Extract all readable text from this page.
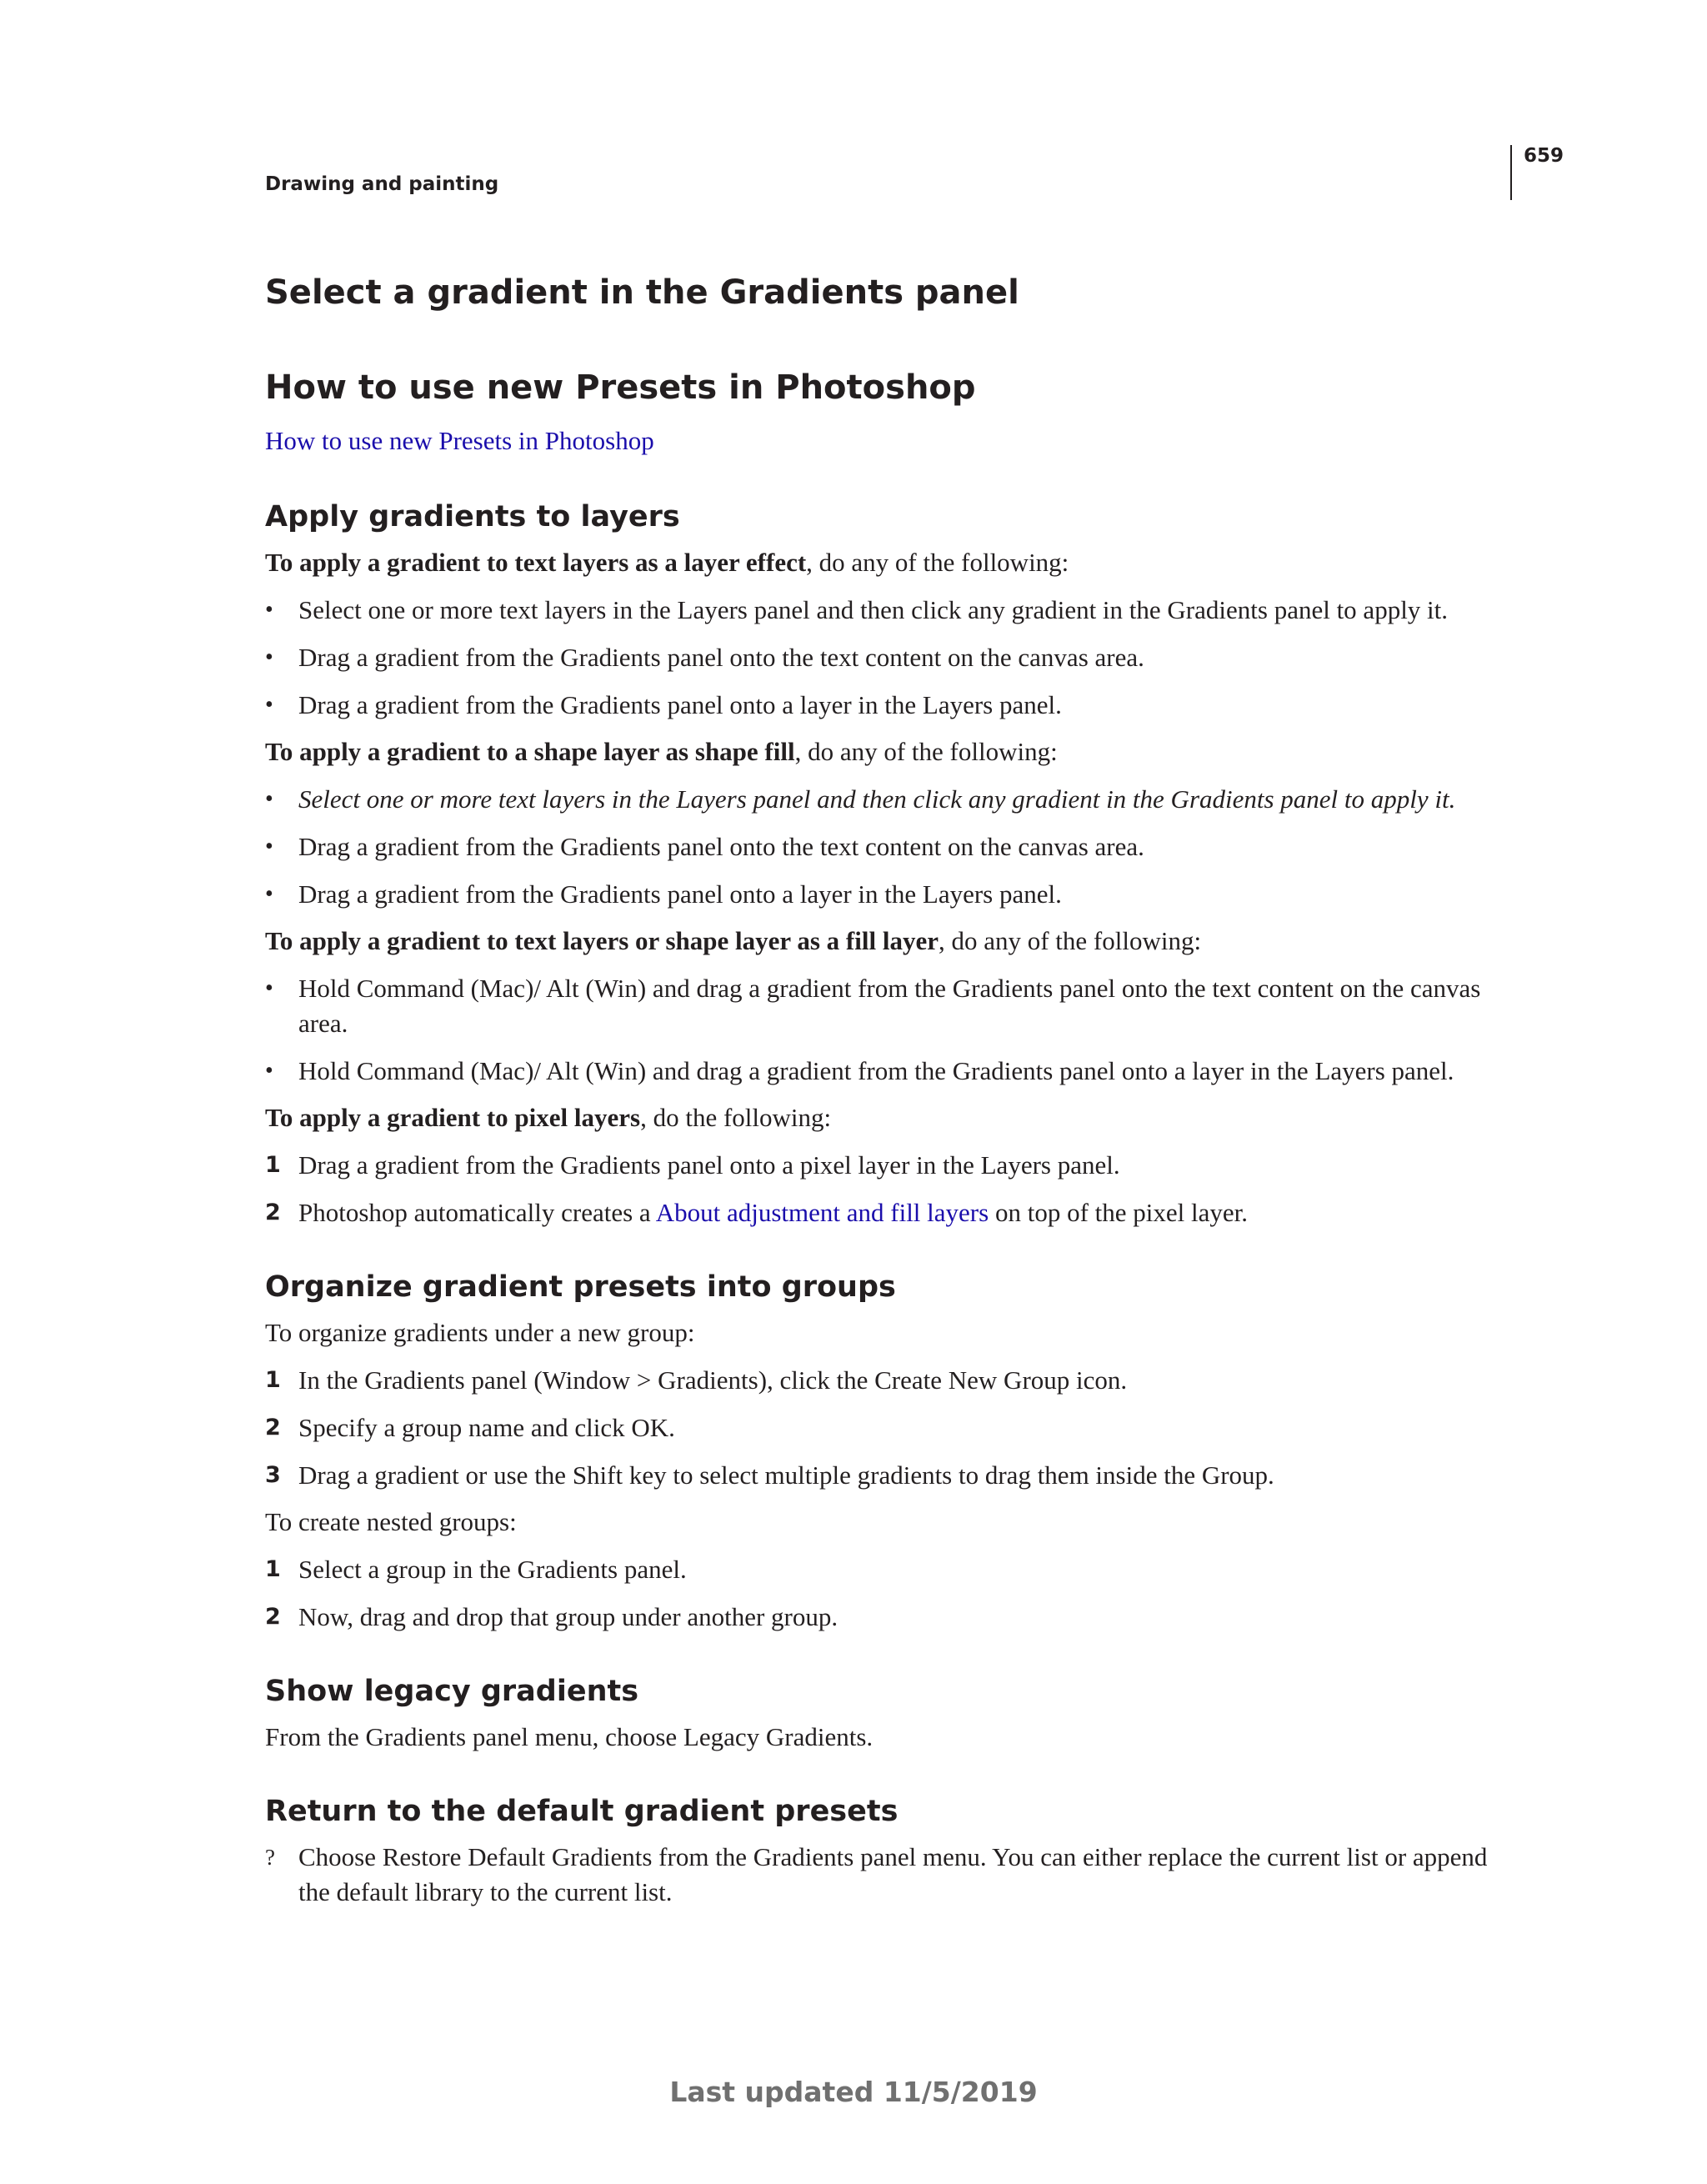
Drawing and painting
659
Select a gradient in the Gradients panel
How to use new Presets in Photoshop
How to use new Presets in Photoshop
Apply gradients to layers

To apply a gradient to text layers as a layer effect, do any of the following:

• Select one or more text layers in the Layers panel and then click any gradient in the Gradients panel to apply it.
• Drag a gradient from the Gradients panel onto the text content on the canvas area.
• Drag a gradient from the Gradients panel onto a layer in the Layers panel.

To apply a gradient to a shape layer as shape fill, do any of the following:

• Select one or more text layers in the Layers panel and then click any gradient in the Gradients panel to apply it.
• Drag a gradient from the Gradients panel onto the text content on the canvas area.
• Drag a gradient from the Gradients panel onto a layer in the Layers panel.

To apply a gradient to text layers or shape layer as a fill layer, do any of the following:

• Hold Command (Mac)/ Alt (Win) and drag a gradient from the Gradients panel onto the text content on the canvas area.
• Hold Command (Mac)/ Alt (Win) and drag a gradient from the Gradients panel onto a layer in the Layers panel.

To apply a gradient to pixel layers, do the following:

1 Drag a gradient from the Gradients panel onto a pixel layer in the Layers panel.
2 Photoshop automatically creates a About adjustment and fill layers on top of the pixel layer.
Organize gradient presets into groups

To organize gradients under a new group:

1 In the Gradients panel (Window > Gradients), click the Create New Group icon.
2 Specify a group name and click OK.
3 Drag a gradient or use the Shift key to select multiple gradients to drag them inside the Group.

To create nested groups:

1 Select a group in the Gradients panel.
2 Now, drag and drop that group under another group.
Show legacy gradients

From the Gradients panel menu, choose Legacy Gradients.

Return to the default gradient presets
? Choose Restore Default Gradients from the Gradients panel menu. You can either replace the current list or append the default library to the current list.
Last updated 11/5/2019
